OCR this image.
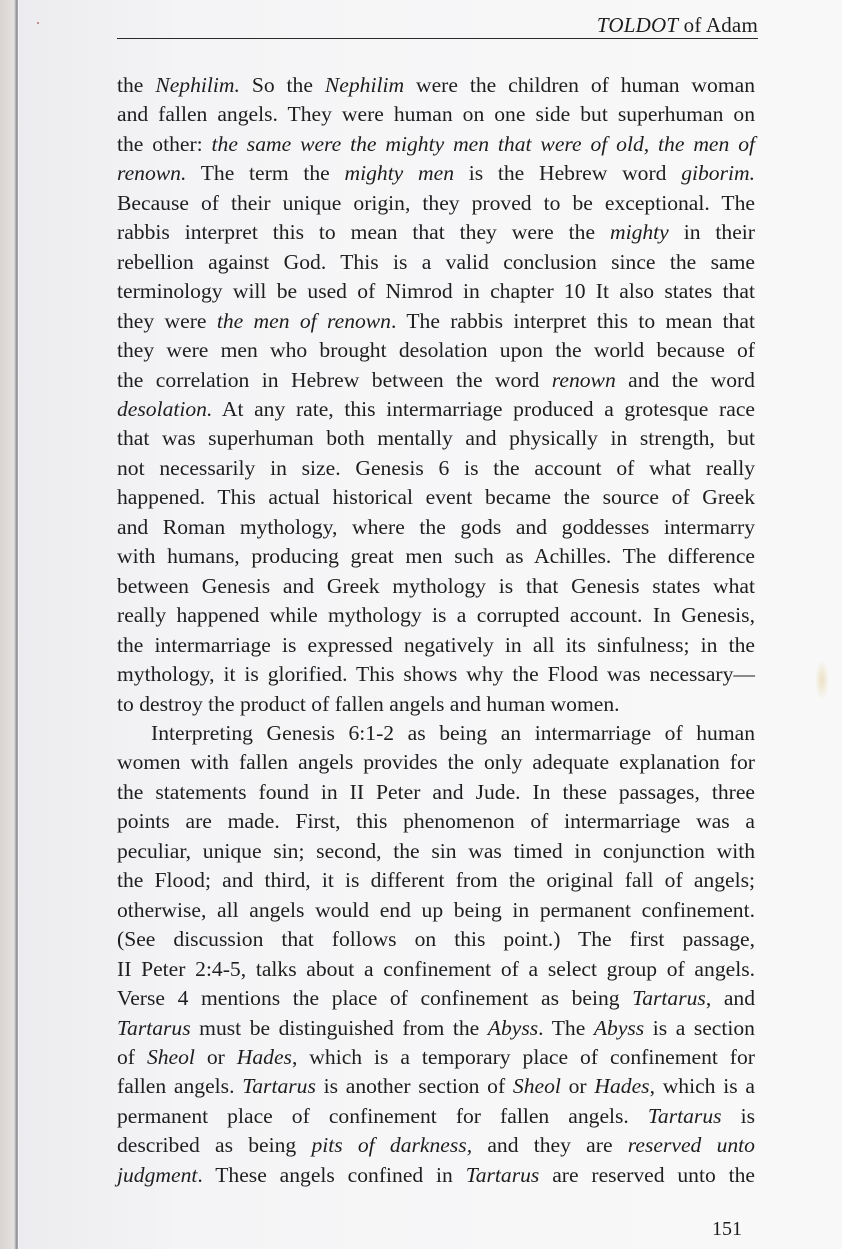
TOLDOT of Adam
the Nephilim. So the Nephilim were the children of human woman
and fallen angels. They were human on one side but superhuman on
the other: the same were the mighty men that were of old, the men of
renown. The term the mighty men is the Hebrew word giborim.
Because of their unique origin, they proved to be exceptional. The
rabbis interpret this to mean that they were the mighty in their
rebellion against God. This is a valid conclusion since the same
terminology will be used of Nimrod in chapter 10 It also states that
they were the men of renown. The rabbis interpret this to mean that
they were men who brought desolation upon the world because of
the correlation in Hebrew between the word renown and the word
desolation. At any rate, this intermarriage produced a grotesque race
that was superhuman both mentally and physically in strength, but
not necessarily in size. Genesis 6 is the account of what really
happened. This actual historical event became the source of Greek
and Roman mythology, where the gods and goddesses intermarry
with humans, producing great men such as Achilles. The difference
between Genesis and Greek mythology is that Genesis states what
really happened while mythology is a corrupted account. In Genesis,
the intermarriage is expressed negatively in all its sinfulness; in the
mythology, it is glorified. This shows why the Flood was necessary—
to destroy the product of fallen angels and human women.
Interpreting Genesis 6:1-2 as being an intermarriage of human
women with fallen angels provides the only adequate explanation for
the statements found in II Peter and Jude. In these passages, three
points are made. First, this phenomenon of intermarriage was a
peculiar, unique sin; second, the sin was timed in conjunction with
the Flood; and third, it is different from the original fall of angels;
otherwise, all angels would end up being in permanent confinement.
(See discussion that follows on this point.) The first passage,
II Peter 2:4-5, talks about a confinement of a select group of angels.
Verse 4 mentions the place of confinement as being Tartarus, and
Tartarus must be distinguished from the Abyss. The Abyss is a section
of Sheol or Hades, which is a temporary place of confinement for
fallen angels. Tartarus is another section of Sheol or Hades, which is a
permanent place of confinement for fallen angels. Tartarus is
described as being pits of darkness, and they are reserved unto
judgment. These angels confined in Tartarus are reserved unto the
151
